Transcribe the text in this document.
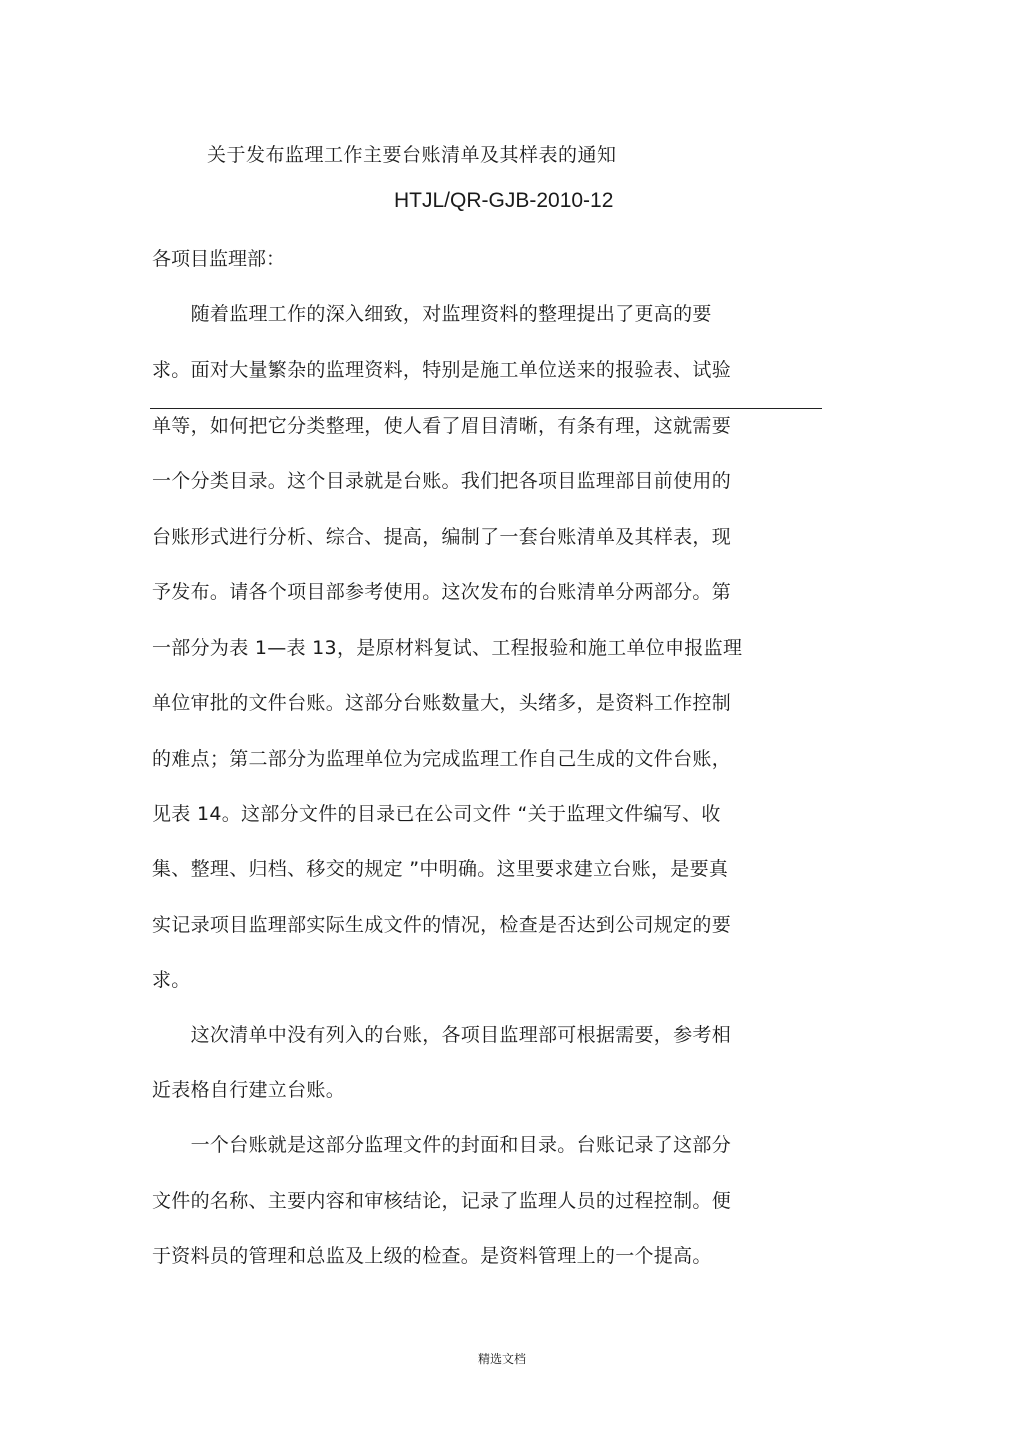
关于发布监理工作主要台账清单及其样表的通知
HTJL/QR-GJB-2010-12
各项目监理部：
　　随着监理工作的深入细致，对监理资料的整理提出了更高的要
求。面对大量繁杂的监理资料，特别是施工单位送来的报验表、试验
单等，如何把它分类整理，使人看了眉目清晰，有条有理，这就需要
一个分类目录。这个目录就是台账。我们把各项目监理部目前使用的
台账形式进行分析、综合、提高，编制了一套台账清单及其样表，现
予发布。请各个项目部参考使用。这次发布的台账清单分两部分。第
一部分为表 1—表 13，是原材料复试、工程报验和施工单位申报监理
单位审批的文件台账。这部分台账数量大，头绪多，是资料工作控制
的难点；第二部分为监理单位为完成监理工作自己生成的文件台账，
见表 14。这部分文件的目录已在公司文件 “关于监理文件编写、收
集、整理、归档、移交的规定 ”中明确。这里要求建立台账，是要真
实记录项目监理部实际生成文件的情况，检查是否达到公司规定的要
求。
　　这次清单中没有列入的台账，各项目监理部可根据需要，参考相
近表格自行建立台账。
　　一个台账就是这部分监理文件的封面和目录。台账记录了这部分
文件的名称、主要内容和审核结论，记录了监理人员的过程控制。便
于资料员的管理和总监及上级的检查。是资料管理上的一个提高。
精选文档
